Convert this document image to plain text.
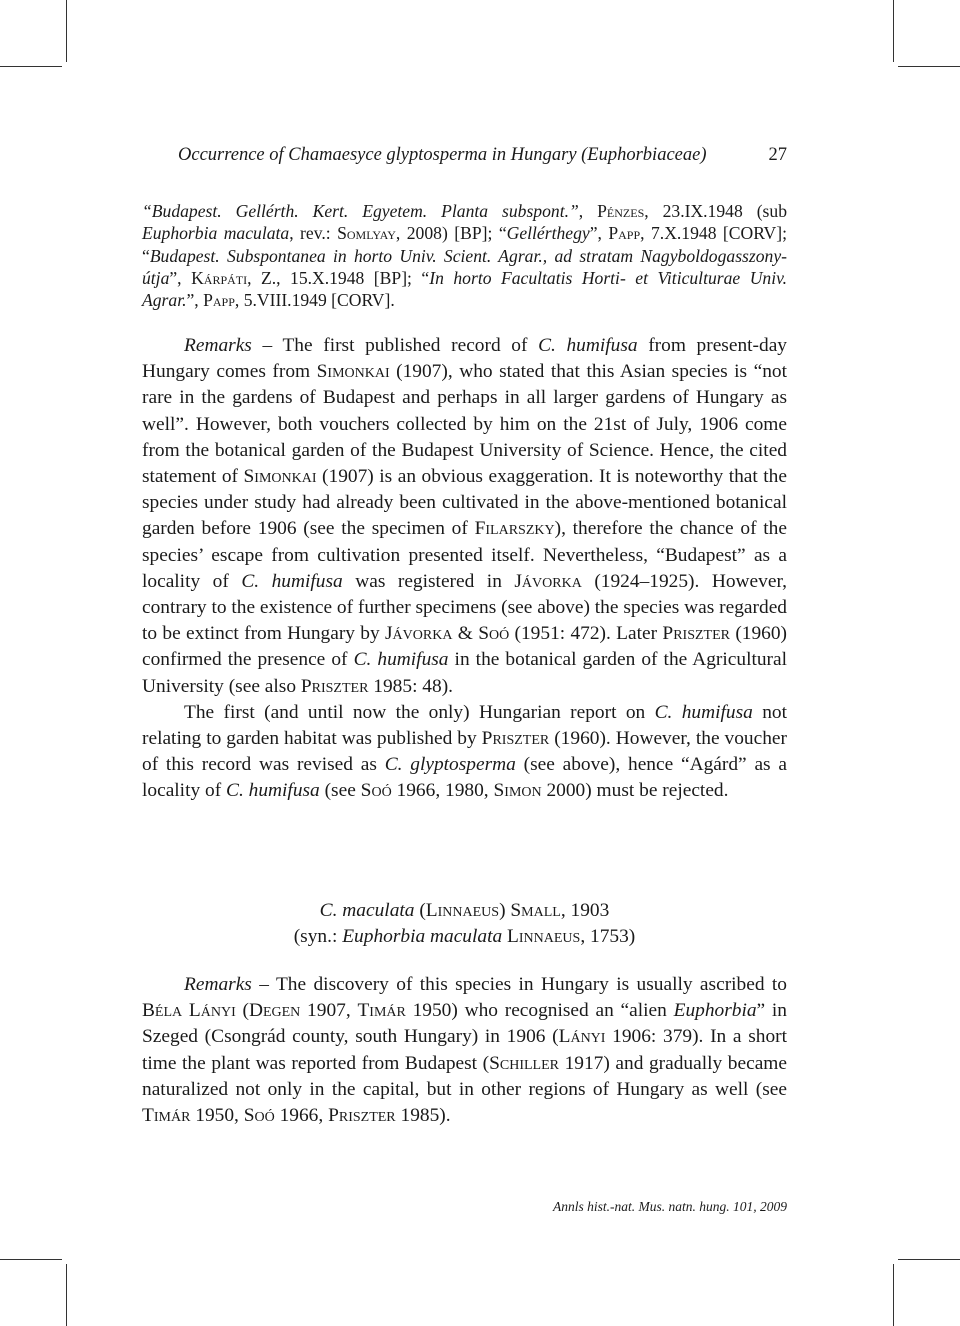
Occurrence of Chamaesyce glyptosperma in Hungary (Euphorbiaceae)	27
“Budapest. Gellérth. Kert. Egyetem. Planta subspont.”, Pénzes, 23.IX.1948 (sub Euphorbia maculata, rev.: Somlyay, 2008) [BP]; “Gellérthegy”, Papp, 7.X.1948 [CORV]; “Budapest. Subspontanea in horto Univ. Scient. Agrar., ad stratam Nagyboldogasszony-útja”, Kárpáti, Z., 15.X.1948 [BP]; “In horto Facultatis Horti- et Viticulturae Univ. Agrar.”, Papp, 5.VIII.1949 [CORV].

Remarks – The first published record of C. humifusa from present-day Hungary comes from Simonkai (1907), who stated that this Asian species is “not rare in the gardens of Budapest and perhaps in all larger gardens of Hungary as well”. However, both vouchers collected by him on the 21st of July, 1906 come from the botanical garden of the Budapest University of Science. Hence, the cited statement of Simonkai (1907) is an obvious exaggeration. It is noteworthy that the species under study had already been cultivated in the above-mentioned botanical garden before 1906 (see the specimen of Filarszky), therefore the chance of the species’ escape from cultivation presented itself. Nevertheless, “Budapest” as a locality of C. humifusa was registered in Jávorka (1924–1925). However, contrary to the existence of further specimens (see above) the species was regarded to be extinct from Hungary by Jávorka & Soó (1951: 472). Later Priszter (1960) confirmed the presence of C. humifusa in the botanical garden of the Agricultural University (see also Priszter 1985: 48).

The first (and until now the only) Hungarian report on C. humifusa not relating to garden habitat was published by Priszter (1960). However, the voucher of this record was revised as C. glyptosperma (see above), hence “Agárd” as a locality of C. humifusa (see Soó 1966, 1980, Simon 2000) must be rejected.

C. maculata (Linnaeus) Small, 1903
(syn.: Euphorbia maculata Linnaeus, 1753)

Remarks – The discovery of this species in Hungary is usually ascribed to Béla Lányi (Degen 1907, Timár 1950) who recognised an “alien Euphorbia” in Szeged (Csongrád county, south Hungary) in 1906 (Lányi 1906: 379). In a short time the plant was reported from Budapest (Schiller 1917) and gradually became naturalized not only in the capital, but in other regions of Hungary as well (see Timár 1950, Soó 1966, Priszter 1985).

Annls hist.-nat. Mus. natn. hung. 101, 2009
